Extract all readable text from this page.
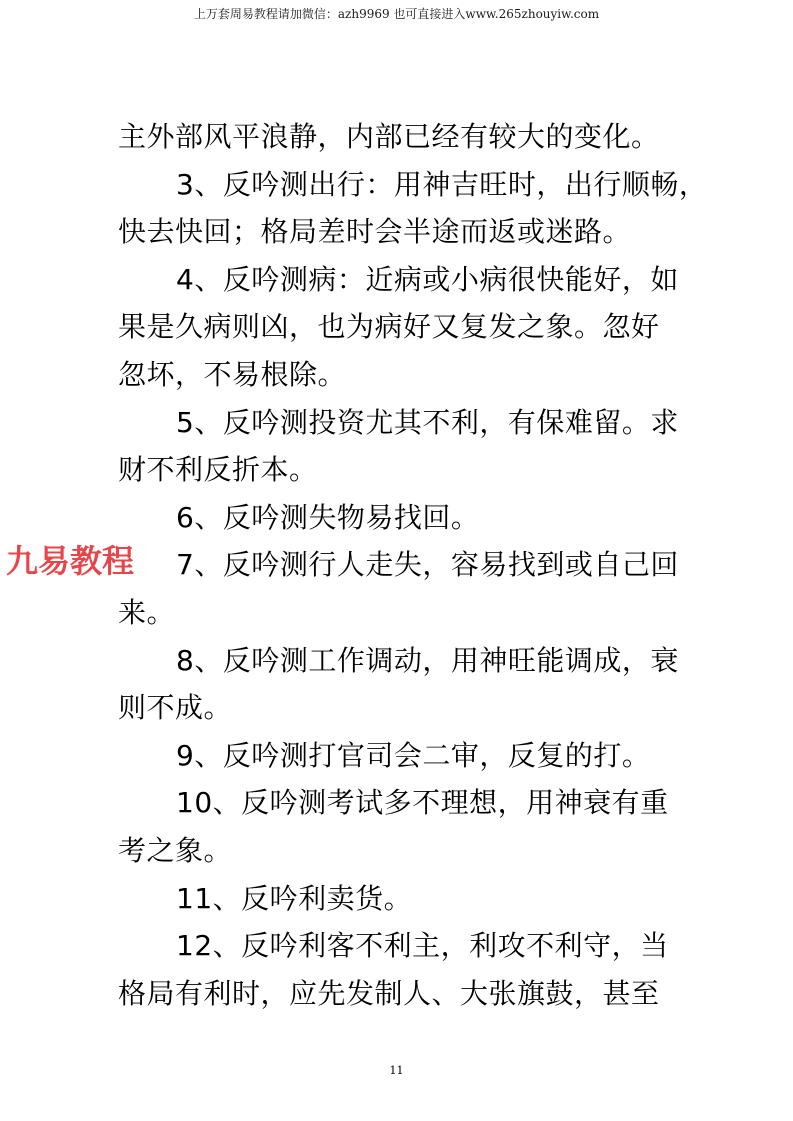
上万套周易教程请加微信：azh9969 也可直接进入www.265zhouyiw.com

主外部风平浪静，内部已经有较大的变化。

3、反吟测出行：用神吉旺时，出行顺畅，
快去快回；格局差时会半途而返或迷路。

4、反吟测病：近病或小病很快能好，如
果是久病则凶，也为病好又复发之象。忽好
忽坏，不易根除。

5、反吟测投资尤其不利，有保难留。求
财不利反折本。

6、反吟测失物易找回。

7、反吟测行人走失，容易找到或自己回
来。

8、反吟测工作调动，用神旺能调成，衰
则不成。

9、反吟测打官司会二审，反复的打。

10、反吟测考试多不理想，用神衰有重
考之象。

11、反吟利卖货。

12、反吟利客不利主，利攻不利守，当
格局有利时，应先发制人、大张旗鼓，甚至

九易教程
11
